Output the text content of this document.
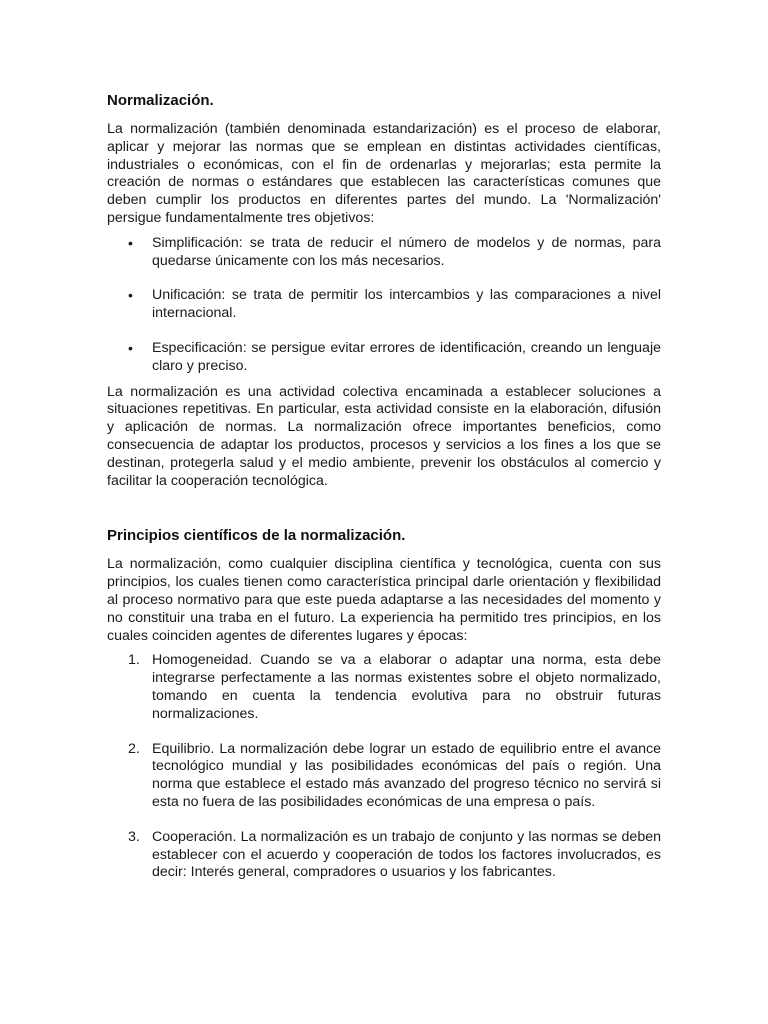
Normalización.

La normalización (también denominada estandarización) es el proceso de elaborar, aplicar y mejorar las normas que se emplean en distintas actividades científicas, industriales o económicas, con el fin de ordenarlas y mejorarlas; esta permite la creación de normas o estándares que establecen las características comunes que deben cumplir los productos en diferentes partes del mundo. La 'Normalización' persigue fundamentalmente tres objetivos:

• Simplificación: se trata de reducir el número de modelos y de normas, para quedarse únicamente con los más necesarios.
• Unificación: se trata de permitir los intercambios y las comparaciones a nivel internacional.
• Especificación: se persigue evitar errores de identificación, creando un lenguaje claro y preciso.

La normalización es una actividad colectiva encaminada a establecer soluciones a situaciones repetitivas. En particular, esta actividad consiste en la elaboración, difusión y aplicación de normas. La normalización ofrece importantes beneficios, como consecuencia de adaptar los productos, procesos y servicios a los fines a los que se destinan, protegerla salud y el medio ambiente, prevenir los obstáculos al comercio y facilitar la cooperación tecnológica.

Principios científicos de la normalización.

La normalización, como cualquier disciplina científica y tecnológica, cuenta con sus principios, los cuales tienen como característica principal darle orientación y flexibilidad al proceso normativo para que este pueda adaptarse a las necesidades del momento y no constituir una traba en el futuro. La experiencia ha permitido tres principios, en los cuales coinciden agentes de diferentes lugares y épocas:

1. Homogeneidad. Cuando se va a elaborar o adaptar una norma, esta debe integrarse perfectamente a las normas existentes sobre el objeto normalizado, tomando en cuenta la tendencia evolutiva para no obstruir futuras normalizaciones.
2. Equilibrio. La normalización debe lograr un estado de equilibrio entre el avance tecnológico mundial y las posibilidades económicas del país o región. Una norma que establece el estado más avanzado del progreso técnico no servirá si esta no fuera de las posibilidades económicas de una empresa o país.
3. Cooperación. La normalización es un trabajo de conjunto y las normas se deben establecer con el acuerdo y cooperación de todos los factores involucrados, es decir: Interés general, compradores o usuarios y los fabricantes.
